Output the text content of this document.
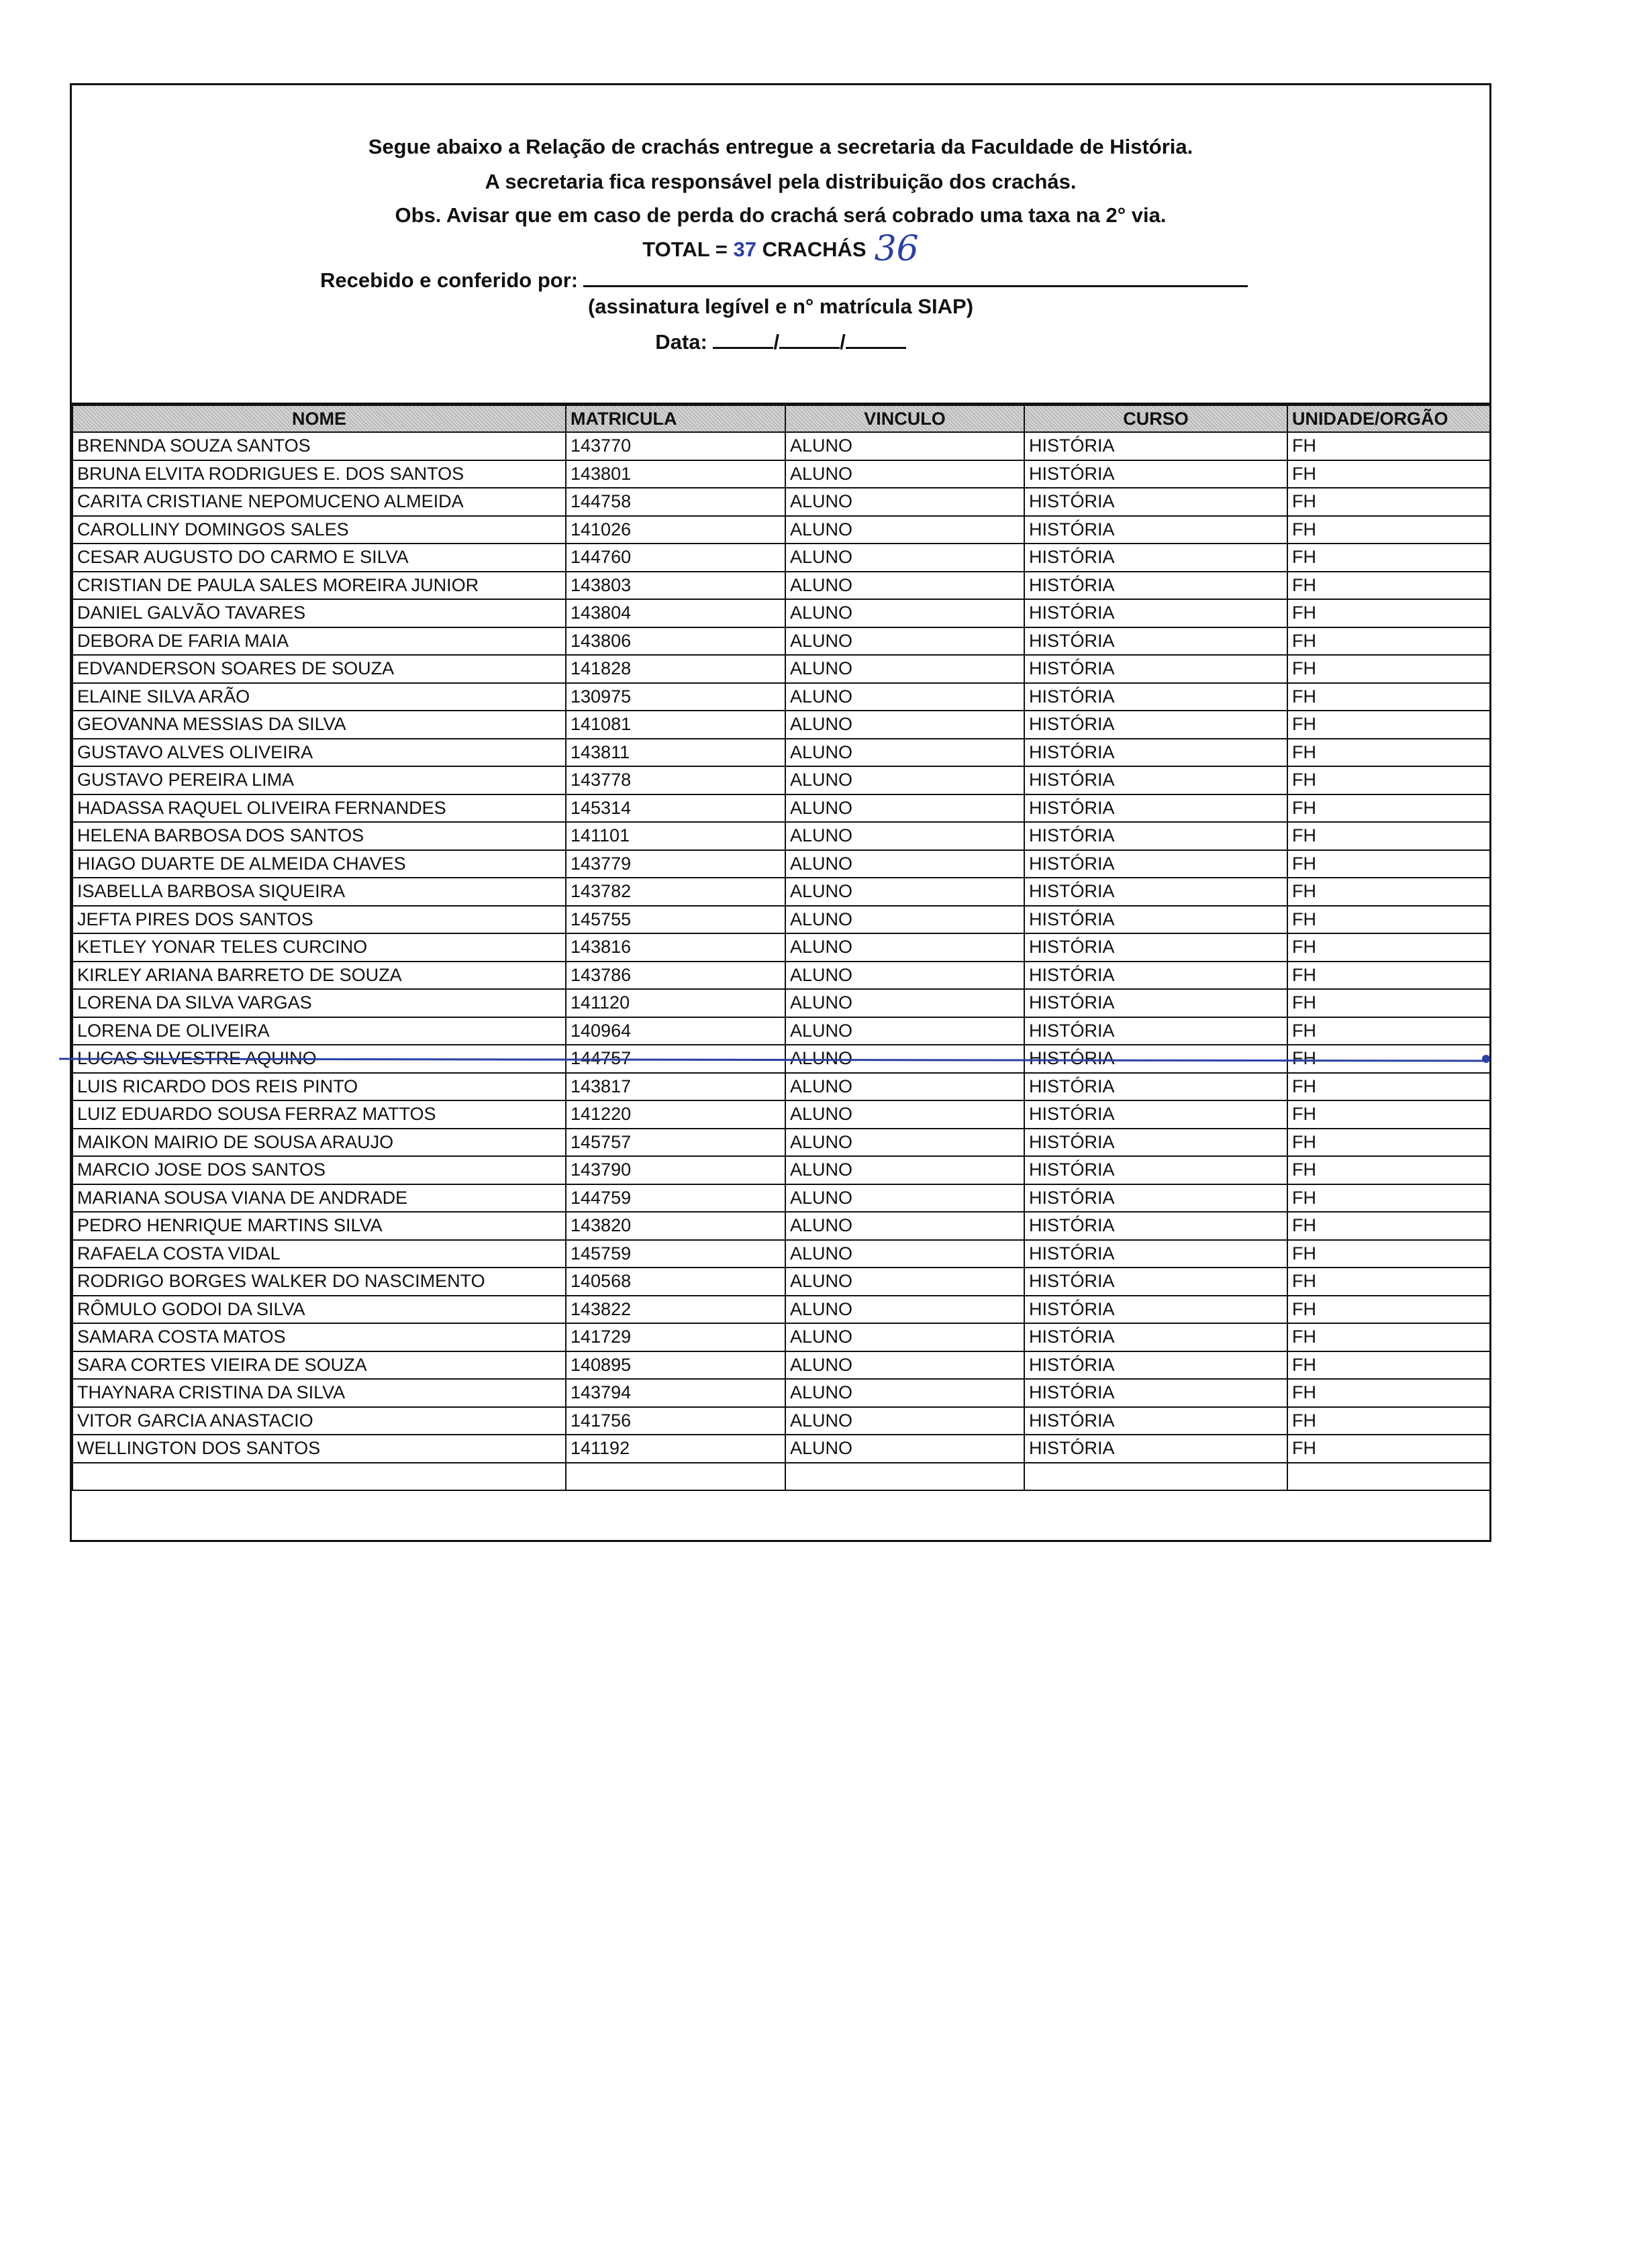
Segue abaixo a Relação de crachás entregue a secretaria da Faculdade de História.
A secretaria fica responsável pela distribuição dos crachás.
Obs. Avisar que em caso de perda do crachá será cobrado uma taxa na 2° via.
TOTAL = 37 CRACHÁS 36
Recebido e conferido por:
(assinatura legível e n° matrícula SIAP)
Data:	/	/
NOME	MATRICULA	VINCULO	CURSO	UNIDADE/ORGÃO
BRENNDA SOUZA SANTOS	143770	ALUNO	HISTÓRIA	FH
BRUNA ELVITA RODRIGUES E. DOS SANTOS	143801	ALUNO	HISTÓRIA	FH
CARITA CRISTIANE NEPOMUCENO ALMEIDA	144758	ALUNO	HISTÓRIA	FH
CAROLLINY DOMINGOS SALES	141026	ALUNO	HISTÓRIA	FH
CESAR AUGUSTO DO CARMO E SILVA	144760	ALUNO	HISTÓRIA	FH
CRISTIAN DE PAULA SALES MOREIRA JUNIOR	143803	ALUNO	HISTÓRIA	FH
DANIEL GALVÃO TAVARES	143804	ALUNO	HISTÓRIA	FH
DEBORA DE FARIA MAIA	143806	ALUNO	HISTÓRIA	FH
EDVANDERSON SOARES DE SOUZA	141828	ALUNO	HISTÓRIA	FH
ELAINE SILVA ARÃO	130975	ALUNO	HISTÓRIA	FH
GEOVANNA MESSIAS DA SILVA	141081	ALUNO	HISTÓRIA	FH
GUSTAVO ALVES OLIVEIRA	143811	ALUNO	HISTÓRIA	FH
GUSTAVO PEREIRA LIMA	143778	ALUNO	HISTÓRIA	FH
HADASSA RAQUEL OLIVEIRA FERNANDES	145314	ALUNO	HISTÓRIA	FH
HELENA BARBOSA DOS SANTOS	141101	ALUNO	HISTÓRIA	FH
HIAGO DUARTE DE ALMEIDA CHAVES	143779	ALUNO	HISTÓRIA	FH
ISABELLA BARBOSA SIQUEIRA	143782	ALUNO	HISTÓRIA	FH
JEFTA PIRES DOS SANTOS	145755	ALUNO	HISTÓRIA	FH
KETLEY YONAR TELES CURCINO	143816	ALUNO	HISTÓRIA	FH
KIRLEY ARIANA BARRETO DE SOUZA	143786	ALUNO	HISTÓRIA	FH
LORENA DA SILVA VARGAS	141120	ALUNO	HISTÓRIA	FH
LORENA DE OLIVEIRA	140964	ALUNO	HISTÓRIA	FH
LUCAS SILVESTRE AQUINO	144757	ALUNO	HISTÓRIA	FH
LUIS RICARDO DOS REIS PINTO	143817	ALUNO	HISTÓRIA	FH
LUIZ EDUARDO SOUSA FERRAZ MATTOS	141220	ALUNO	HISTÓRIA	FH
MAIKON MAIRIO DE SOUSA ARAUJO	145757	ALUNO	HISTÓRIA	FH
MARCIO JOSE DOS SANTOS	143790	ALUNO	HISTÓRIA	FH
MARIANA SOUSA VIANA DE ANDRADE	144759	ALUNO	HISTÓRIA	FH
PEDRO HENRIQUE MARTINS SILVA	143820	ALUNO	HISTÓRIA	FH
RAFAELA COSTA VIDAL	145759	ALUNO	HISTÓRIA	FH
RODRIGO BORGES WALKER DO NASCIMENTO	140568	ALUNO	HISTÓRIA	FH
RÔMULO GODOI DA SILVA	143822	ALUNO	HISTÓRIA	FH
SAMARA COSTA MATOS	141729	ALUNO	HISTÓRIA	FH
SARA CORTES VIEIRA DE SOUZA	140895	ALUNO	HISTÓRIA	FH
THAYNARA CRISTINA DA SILVA	143794	ALUNO	HISTÓRIA	FH
VITOR GARCIA ANASTACIO	141756	ALUNO	HISTÓRIA	FH
WELLINGTON DOS SANTOS	141192	ALUNO	HISTÓRIA	FH
